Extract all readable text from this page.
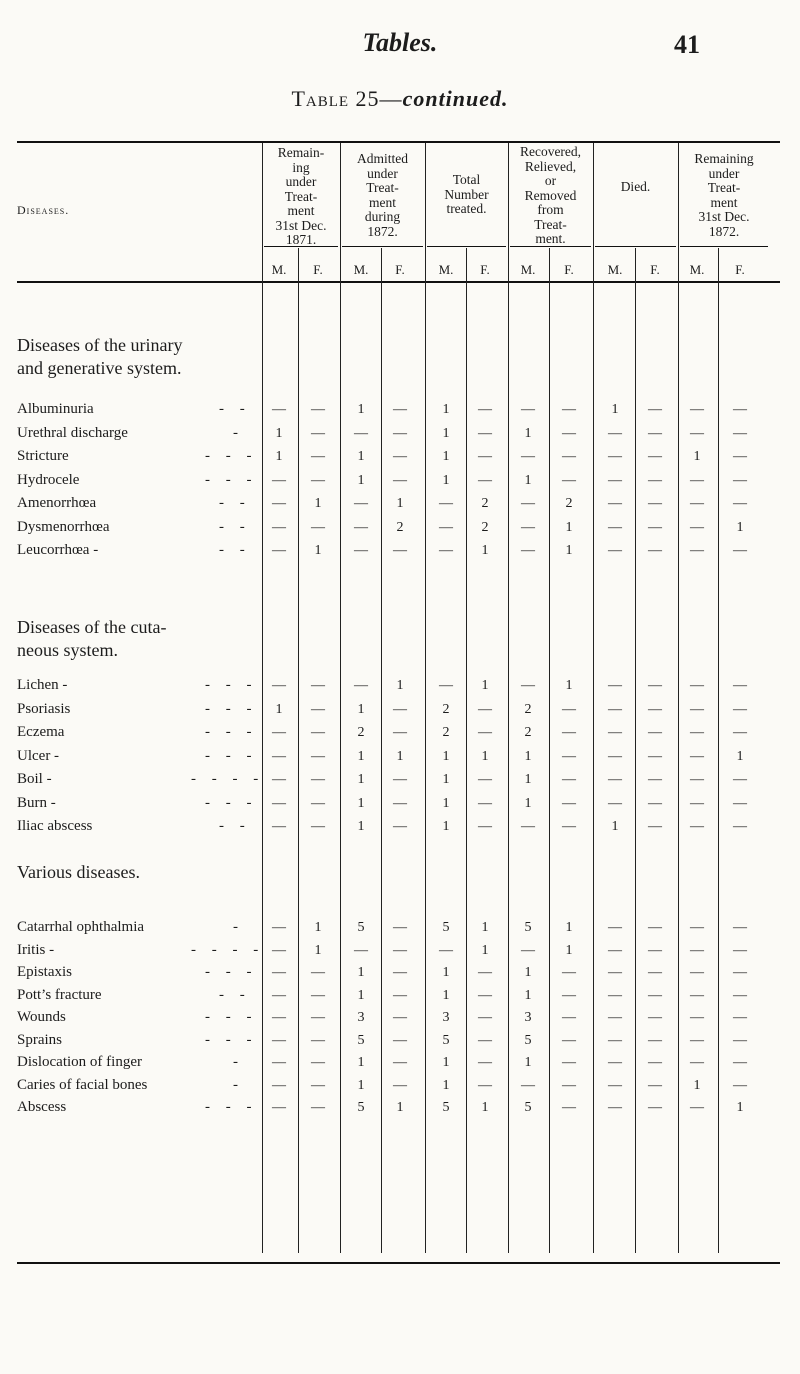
Tables.	41
Table 25—continued.
Diseases.
Remain-
ing
under
Treat-
ment
31st Dec.
1871.
Admitted
under
Treat-
ment
during
1872.
Total
Number
treated.
Recovered,
Relieved,
or
Removed
from
Treat-
ment.
Died.
Remaining
under
Treat-
ment
31st Dec.
1872.
M.	F.	M.	F.	M.	F.	M.	F.	M.	F.	M.	F.
Diseases of the urinary
and generative system.
Albuminuria	- -	—	—	1	—	1	—	—	—	1	—	—	—
Urethral discharge	-	1	—	—	—	1	—	1	—	—	—	—	—
Stricture	- - -	1	—	1	—	1	—	—	—	—	—	1	—
Hydrocele	- - -	—	—	1	—	1	—	1	—	—	—	—	—
Amenorrhœa	- -	—	1	—	1	—	2	—	2	—	—	—	—
Dysmenorrhœa	- -	—	—	—	2	—	2	—	1	—	—	—	1
Leucorrhœa -	- -	—	1	—	—	—	1	—	1	—	—	—	—
Diseases of the cuta-
neous system.
Lichen -	- - -	—	—	—	1	—	1	—	1	—	—	—	—
Psoriasis	- - -	1	—	1	—	2	—	2	—	—	—	—	—
Eczema	- - -	—	—	2	—	2	—	2	—	—	—	—	—
Ulcer -	- - -	—	—	1	1	1	1	1	—	—	—	—	1
Boil -	- - - - —	—	1	—	1	—	1	—	—	—	—	—
Burn -	- - -	—	—	1	—	1	—	1	—	—	—	—	—
Iliac abscess	- -	—	—	1	—	1	—	—	—	1	—	—	—
Various diseases.
Catarrhal ophthalmia	-	—	1	5	—	5	1	5	1	—	—	—	—
Iritis -	- - - - —	1	—	—	—	1	—	1	—	—	—	—
Epistaxis	- - -	—	—	1	—	1	—	1	—	—	—	—	—
Pott’s fracture	- -	—	—	1	—	1	—	1	—	—	—	—	—
Wounds	- - -	—	—	3	—	3	—	3	—	—	—	—	—
Sprains	- - -	—	—	5	—	5	—	5	—	—	—	—	—
Dislocation of finger	-	—	—	1	—	1	—	1	—	—	—	—	—
Caries of facial bones	-	—	—	1	—	1	—	—	—	—	—	1	—
Abscess	- - -	—	—	5	1	5	1	5	—	—	—	—	1
